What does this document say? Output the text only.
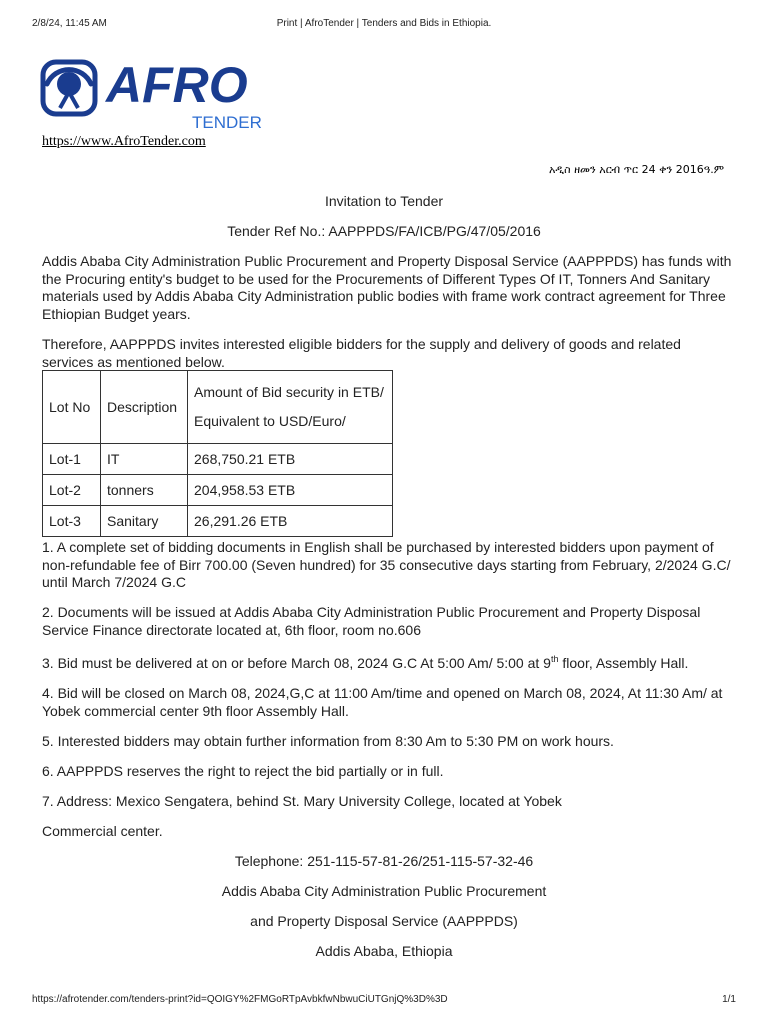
2/8/24, 11:45 AM	Print | AfroTender | Tenders and Bids in Ethiopia.
AFRO
TENDER
https://www.AfroTender.com
አዲስ ዘመን አርብ ጥር 24 ቀን 2016ዓ.ም

Invitation to Tender

Tender Ref No.: AAPPPDS/FA/ICB/PG/47/05/2016

Addis Ababa City Administration Public Procurement and Property Disposal Service (AAPPPDS) has funds with the Procuring entity's budget to be used for the Procurements of Different Types Of IT, Tonners And Sanitary materials used by Addis Ababa City Administration public bodies with frame work contract agreement for Three Ethiopian Budget years.

Therefore, AAPPPDS invites interested eligible bidders for the supply and delivery of goods and related services as mentioned below.

Lot No	Description	Amount of Bid security in ETB/
Equivalent to USD/Euro/
Lot-1	IT	268,750.21 ETB
Lot-2	tonners	204,958.53 ETB
Lot-3	Sanitary	26,291.26 ETB

1. A complete set of bidding documents in English shall be purchased by interested bidders upon payment of non-refundable fee of Birr 700.00 (Seven hundred) for 35 consecutive days starting from February, 2/2024 G.C/ until March 7/2024 G.C

2. Documents will be issued at Addis Ababa City Administration Public Procurement and Property Disposal Service Finance directorate located at, 6th floor, room no.606

3. Bid must be delivered at on or before March 08, 2024 G.C At 5:00 Am/ 5:00 at 9th floor, Assembly Hall.

4. Bid will be closed on March 08, 2024,G,C at 11:00 Am/time and opened on March 08, 2024, At 11:30 Am/ at Yobek commercial center 9th floor Assembly Hall.

5. Interested bidders may obtain further information from 8:30 Am to 5:30 PM on work hours.

6. AAPPPDS reserves the right to reject the bid partially or in full.

7. Address: Mexico Sengatera, behind St. Mary University College, located at Yobek

Commercial center.

Telephone: 251-115-57-81-26/251-115-57-32-46

Addis Ababa City Administration Public Procurement

and Property Disposal Service (AAPPPDS)

Addis Ababa, Ethiopia

https://afrotender.com/tenders-print?id=QOIGY%2FMGoRTpAvbkfwNbwuCiUTGnjQ%3D%3D	1/1
